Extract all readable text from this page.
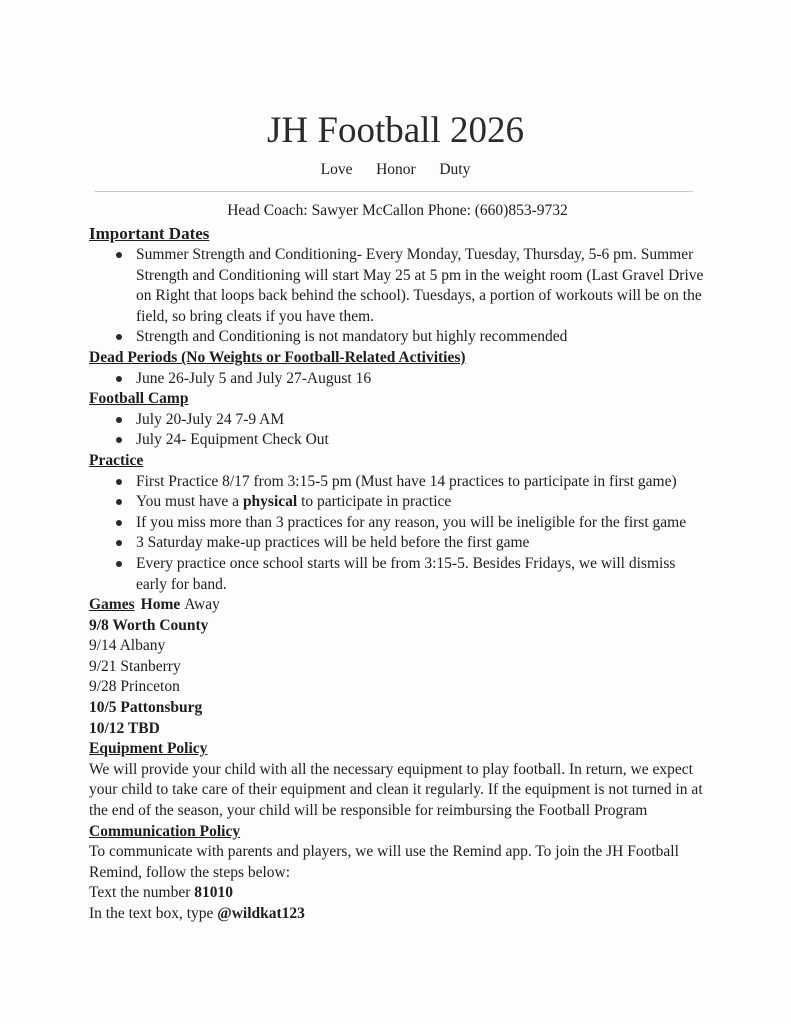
JH Football 2026
Love   Honor   Duty
Head Coach: Sawyer McCallon Phone: (660)853-9732

Important Dates

Summer Strength and Conditioning- Every Monday, Tuesday, Thursday, 5-6 pm. Summer Strength and Conditioning will start May 25 at 5 pm in the weight room (Last Gravel Drive on Right that loops back behind the school). Tuesdays, a portion of workouts will be on the field, so bring cleats if you have them.
Strength and Conditioning is not mandatory but highly recommended

Dead Periods (No Weights or Football-Related Activities)

June 26-July 5 and July 27-August 16

Football Camp

July 20-July 24 7-9 AM
July 24- Equipment Check Out

Practice

First Practice 8/17 from 3:15-5 pm (Must have 14 practices to participate in first game)
You must have a physical to participate in practice
If you miss more than 3 practices for any reason, you will be ineligible for the first game
3 Saturday make-up practices will be held before the first game
Every practice once school starts will be from 3:15-5. Besides Fridays, we will dismiss early for band.

Games Home Away

9/8 Worth County

9/14 Albany

9/21 Stanberry

9/28 Princeton

10/5 Pattonsburg

10/12 TBD

Equipment Policy

We will provide your child with all the necessary equipment to play football. In return, we expect your child to take care of their equipment and clean it regularly. If the equipment is not turned in at the end of the season, your child will be responsible for reimbursing the Football Program

Communication Policy

To communicate with parents and players, we will use the Remind app. To join the JH Football Remind, follow the steps below:

Text the number 81010

In the text box, type @wildkat123
